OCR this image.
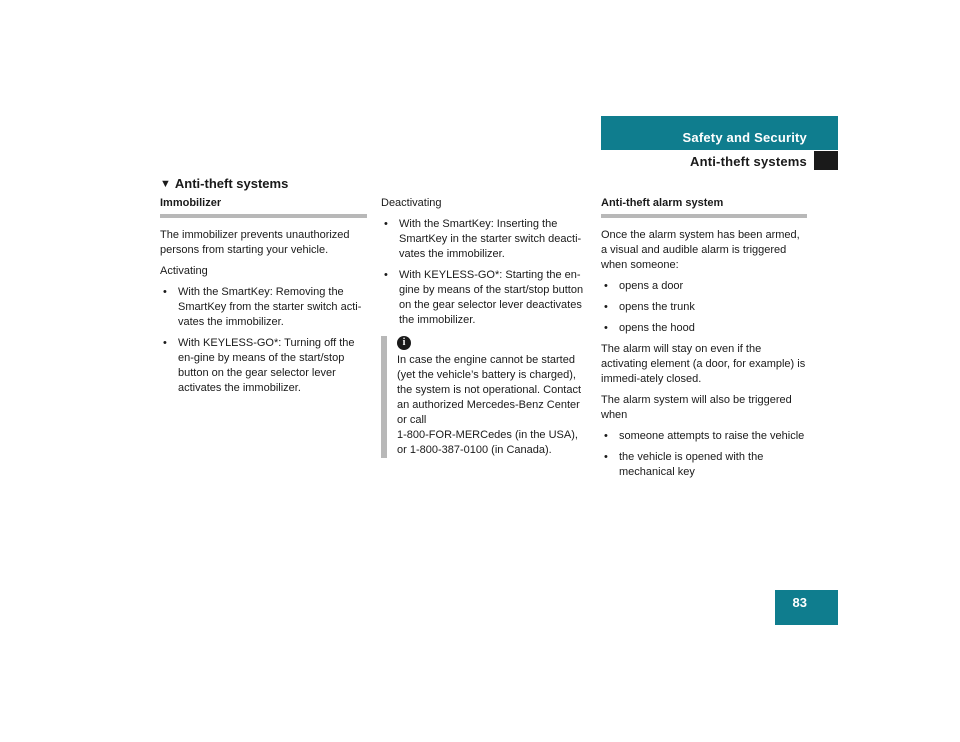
Safety and Security
Anti-theft systems
▼ Anti-theft systems
Immobilizer

The immobilizer prevents unauthorized persons from starting your vehicle.

Activating
• With the SmartKey: Removing the SmartKey from the starter switch acti-vates the immobilizer.
• With KEYLESS-GO*: Turning off the en-gine by means of the start/stop button on the gear selector lever activates the immobilizer.
Deactivating
• With the SmartKey: Inserting the SmartKey in the starter switch deacti-vates the immobilizer.
• With KEYLESS-GO*: Starting the en-gine by means of the start/stop button on the gear selector lever deactivates the immobilizer.
i
In case the engine cannot be started (yet the vehicle’s battery is charged), the system is not operational. Contact an authorized Mercedes-Benz Center or call
1-800-FOR-MERCedes (in the USA), or 1-800-387-0100 (in Canada).
Anti-theft alarm system

Once the alarm system has been armed, a visual and audible alarm is triggered when someone:

• opens a door
• opens the trunk
• opens the hood

The alarm will stay on even if the activating element (a door, for example) is immedi-ately closed.

The alarm system will also be triggered when

• someone attempts to raise the vehicle
• the vehicle is opened with the mechanical key
83
